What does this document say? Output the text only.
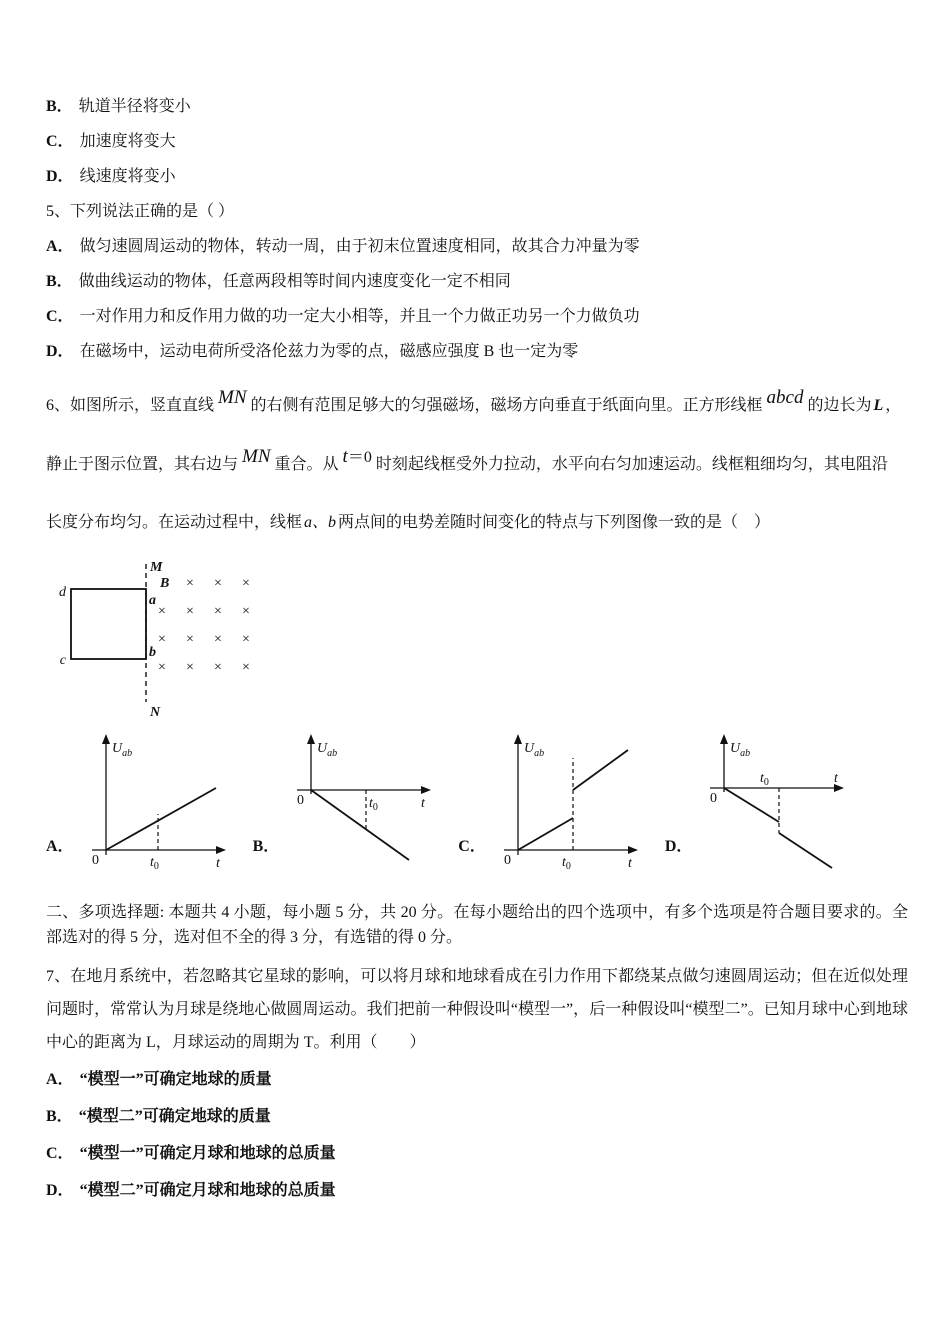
B． 轨道半径将变小
C． 加速度将变大
D． 线速度将变小
5、下列说法正确的是（ ）
A． 做匀速圆周运动的物体，转动一周，由于初末位置速度相同，故其合力冲量为零
B． 做曲线运动的物体，任意两段相等时间内速度变化一定不相同
C． 一对作用力和反作用力做的功一定大小相等，并且一个力做正功另一个力做负功
D． 在磁场中，运动电荷所受洛伦兹力为零的点，磁感应强度 B 也一定为零
6、如图所示，竖直直线 MN 的右侧有范围足够大的匀强磁场，磁场方向垂直于纸面向里。正方形线框 abcd 的边长为 L ，
静止于图示位置，其右边与 MN 重合。从 t＝0 时刻起线框受外力拉动，水平向右匀加速运动。线框粗细均匀，其电阻沿
长度分布均匀。在运动过程中，线框 a、b 两点间的电势差随时间变化的特点与下列图像一致的是（　）
M
N
a
b
d
c
B × × ×
× × × ×
× × × ×
× × × ×
A．
$U_{ab}$
0	$t_0$	t
B．
$U_{ab}$
0	$t_0$	t
C．
$U_{ab}$
0	$t_0$	t
D．
$U_{ab}$
0
$t_0$	t
二、多项选择题: 本题共 4 小题，每小题 5 分，共 20 分。在每小题给出的四个选项中，有多个选项是符合题目要求的。全部选对的得 5 分，选对但不全的得 3 分，有选错的得 0 分。
7、在地月系统中，若忽略其它星球的影响，可以将月球和地球看成在引力作用下都绕某点做匀速圆周运动；但在近似处理问题时，常常认为月球是绕地心做圆周运动。我们把前一种假设叫“模型一”，后一种假设叫“模型二”。已知月球中心到地球中心的距离为 L，月球运动的周期为 T。利用（　　）
A． “模型一”可确定地球的质量
B． “模型二”可确定地球的质量
C． “模型一”可确定月球和地球的总质量
D． “模型二”可确定月球和地球的总质量
